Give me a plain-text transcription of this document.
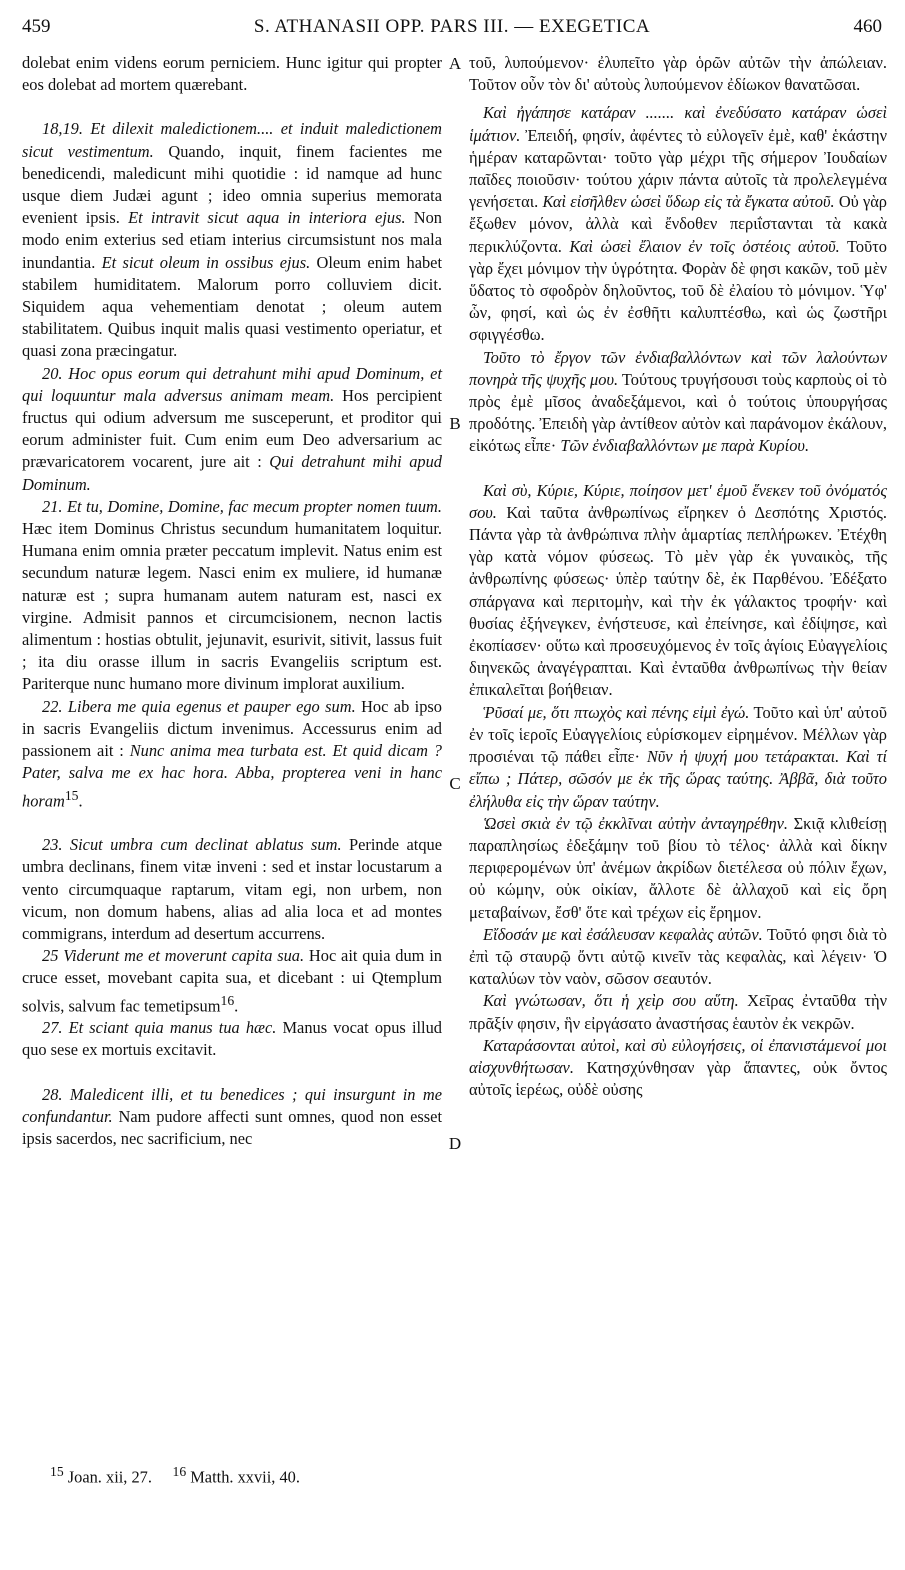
459	S. ATHANASII OPP. PARS III. — EXEGETICA	460
A
B
C
D

dolebat enim videns eorum perniciem. Hunc igitur qui propter eos dolebat ad mortem quærebant.

18,19. Et dilexit maledictionem.... et induit maledictionem sicut vestimentum. Quando, inquit, finem facientes me benedicendi, maledicunt mihi quotidie : id namque ad hunc usque diem Judæi agunt ; ideo omnia superius memorata evenient ipsis. Et intravit sicut aqua in interiora ejus. Non modo enim exterius sed etiam interius circumsistunt nos mala inundantia. Et sicut oleum in ossibus ejus. Oleum enim habet stabilem humiditatem. Malorum porro colluviem dicit. Siquidem aqua vehementiam denotat ; oleum autem stabilitatem. Quibus inquit malis quasi vestimento operiatur, et quasi zona præcingatur.

20. Hoc opus eorum qui detrahunt mihi apud Dominum, et qui loquuntur mala adversus animam meam. Hos percipient fructus qui odium adversum me susceperunt, et proditor qui eorum administer fuit. Cum enim eum Deo adversarium ac prævaricatorem vocarent, jure ait : Qui detrahunt mihi apud Dominum.

21. Et tu, Domine, Domine, fac mecum propter nomen tuum. Hæc item Dominus Christus secundum humanitatem loquitur. Humana enim omnia præter peccatum implevit. Natus enim est secundum naturæ legem. Nasci enim ex muliere, id humanæ naturæ est ; supra humanam autem naturam est, nasci ex virgine. Admisit pannos et circumcisionem, necnon lactis alimentum : hostias obtulit, jejunavit, esurivit, sitivit, lassus fuit ; ita diu orasse illum in sacris Evangeliis scriptum est. Pariterque nunc humano more divinum implorat auxilium.

22. Libera me quia egenus et pauper ego sum. Hoc ab ipso in sacris Evangeliis dictum invenimus. Accessurus enim ad passionem ait : Nunc anima mea turbata est. Et quid dicam ? Pater, salva me ex hac hora. Abba, propterea veni in hanc horam$^{15}$.

23. Sicut umbra cum declinat ablatus sum. Perinde atque umbra declinans, finem vitæ inveni : sed et instar locustarum a vento circumquaque raptarum, vitam egi, non urbem, non vicum, non domum habens, alias ad alia loca et ad montes commigrans, interdum ad desertum accurrens.

25 Viderunt me et moverunt capita sua. Hoc ait quia dum in cruce esset, movebant capita sua, et dicebant : ui Qtemplum solvis, salvum fac temetipsum$^{16}$.

27. Et sciant quia manus tua hæc. Manus vocat opus illud quo sese ex mortuis excitavit.

28. Maledicent illi, et tu benedices ; qui insurgunt in me confundantur. Nam pudore affecti sunt omnes, quod non esset ipsis sacerdos, nec sacrificium, nec

τοῦ, λυπούμενον· ἐλυπεῖτο γὰρ ὁρῶν αὐτῶν τὴν ἀπώλειαν. Τοῦτον οὖν τὸν δι' αὐτοὺς λυπούμενον ἐδίωκον θανατῶσαι.

Καὶ ἠγάπησε κατάραν ....... καὶ ἐνεδύσατο κατάραν ὡσεὶ ἱμάτιον. Ἐπειδή, φησίν, ἀφέντες τὸ εὐλογεῖν ἐμὲ, καθ' ἑκάστην ἡμέραν καταρῶνται· τοῦτο γὰρ μέχρι τῆς σήμερον Ἰουδαίων παῖδες ποιοῦσιν· τούτου χάριν πάντα αὐτοῖς τὰ προλελεγμένα γενήσεται. Καὶ εἰσῆλθεν ὡσεὶ ὕδωρ εἰς τὰ ἔγκατα αὐτοῦ. Οὐ γὰρ ἔξωθεν μόνον, ἀλλὰ καὶ ἔνδοθεν περιΐστανται τὰ κακὰ περικλύζοντα. Καὶ ὡσεὶ ἔλαιον ἐν τοῖς ὀστέοις αὐτοῦ. Τοῦτο γὰρ ἔχει μόνιμον τὴν ὑγρότητα. Φορὰν δὲ φησι κακῶν, τοῦ μὲν ὕδατος τὸ σφοδρὸν δηλοῦντος, τοῦ δὲ ἐλαίου τὸ μόνιμον. Ὑφ' ὧν, φησί, καὶ ὡς ἐν ἐσθῆτι καλυπτέσθω, καὶ ὡς ζωστῆρι σφιγγέσθω.

Τοῦτο τὸ ἔργον τῶν ἐνδιαβαλλόντων καὶ τῶν λαλούντων πονηρὰ τῆς ψυχῆς μου. Τούτους τρυγήσουσι τοὺς καρποὺς οἱ τὸ πρὸς ἐμὲ μῖσος ἀναδεξάμενοι, καὶ ὁ τούτοις ὑπουργήσας προδότης. Ἐπειδὴ γὰρ ἀντίθεον αὐτὸν καὶ παράνομον ἐκάλουν, εἰκότως εἶπε· Τῶν ἐνδιαβαλλόντων με παρὰ Κυρίου.

Καὶ σὺ, Κύριε, Κύριε, ποίησον μετ' ἐμοῦ ἕνεκεν τοῦ ὀνόματός σου. Καὶ ταῦτα ἀνθρωπίνως εἴρηκεν ὁ Δεσπότης Χριστός. Πάντα γὰρ τὰ ἀνθρώπινα πλὴν ἁμαρτίας πεπλήρωκεν. Ἐτέχθη γὰρ κατὰ νόμον φύσεως. Τὸ μὲν γὰρ ἐκ γυναικὸς, τῆς ἀνθρωπίνης φύσεως· ὑπὲρ ταύτην δὲ, ἐκ Παρθένου. Ἐδέξατο σπάργανα καὶ περιτομὴν, καὶ τὴν ἐκ γάλακτος τροφήν· καὶ θυσίας ἐξήνεγκεν, ἐνήστευσε, καὶ ἐπείνησε, καὶ ἐδίψησε, καὶ ἐκοπίασεν· οὕτω καὶ προσευχόμενος ἐν τοῖς ἁγίοις Εὐαγγελίοις διηνεκῶς ἀναγέγραπται. Καὶ ἐνταῦθα ἀνθρωπίνως τὴν θείαν ἐπικαλεῖται βοήθειαν.

Ῥῦσαί με, ὅτι πτωχὸς καὶ πένης εἰμὶ ἐγώ. Τοῦτο καὶ ὑπ' αὐτοῦ ἐν τοῖς ἱεροῖς Εὐαγγελίοις εὑρίσκομεν εἰρημένον. Μέλλων γὰρ προσιέναι τῷ πάθει εἶπε· Νῦν ἡ ψυχή μου τετάρακται. Καὶ τί εἴπω ; Πάτερ, σῶσόν με ἐκ τῆς ὥρας ταύτης. Ἀββᾶ, διὰ τοῦτο ἐλήλυθα εἰς τὴν ὥραν ταύτην.

Ὡσεὶ σκιὰ ἐν τῷ ἐκκλῖναι αὐτὴν ἀνταγηρέθην. Σκιᾷ κλιθείσῃ παραπλησίως ἐδεξάμην τοῦ βίου τὸ τέλος· ἀλλὰ καὶ δίκην περιφερομένων ὑπ' ἀνέμων ἀκρίδων διετέλεσα οὐ πόλιν ἔχων, οὐ κώμην, οὐκ οἰκίαν, ἄλλοτε δὲ ἀλλαχοῦ καὶ εἰς ὄρη μεταβαίνων, ἔσθ' ὅτε καὶ τρέχων εἰς ἔρημον.

Εἴδοσάν με καὶ ἐσάλευσαν κεφαλὰς αὐτῶν. Τοῦτό φησι διὰ τὸ ἐπὶ τῷ σταυρῷ ὄντι αὐτῷ κινεῖν τὰς κεφαλὰς, καὶ λέγειν· Ὁ καταλύων τὸν ναὸν, σῶσον σεαυτόν.

Καὶ γνώτωσαν, ὅτι ἡ χεὶρ σου αὕτη. Χεῖρας ἐνταῦθα τὴν πρᾶξίν φησιν, ἣν εἰργάσατο ἀναστήσας ἑαυτὸν ἐκ νεκρῶν.

Καταράσονται αὐτοὶ, καὶ σὺ εὐλογήσεις, οἱ ἐπανιστάμενοί μοι αἰσχυνθήτωσαν. Κατησχύνθησαν γὰρ ἅπαντες, οὐκ ὄντος αὐτοῖς ἱερέως, οὐδὲ οὐσης

$^{15}$ Joan. xii, 27. $^{16}$ Matth. xxvii, 40.
